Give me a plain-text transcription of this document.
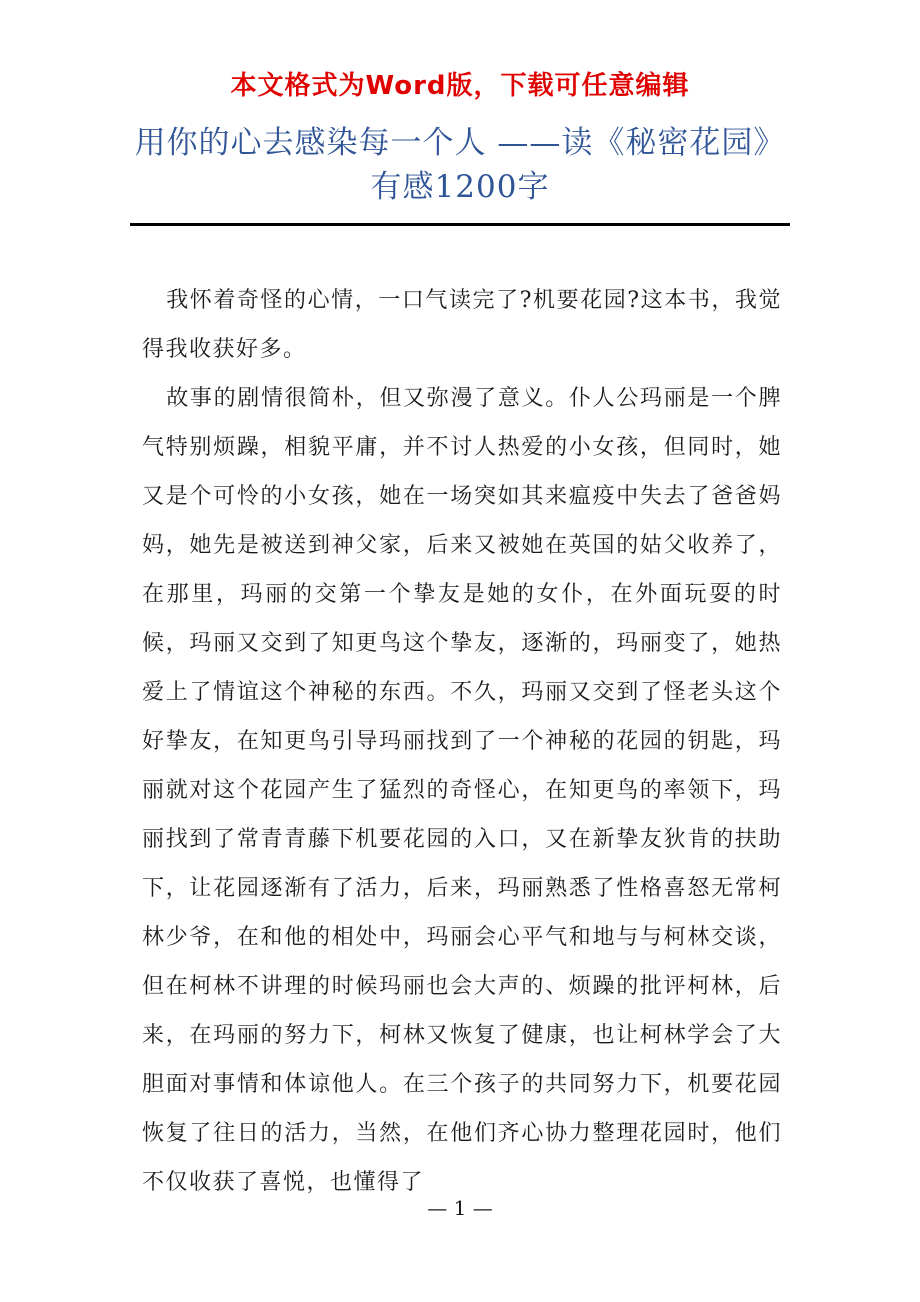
本文格式为Word版，下载可任意编辑
用你的心去感染每一个人 ——读《秘密花园》有感1200字

我怀着奇怪的心情，一口气读完了?机要花园?这本书，我觉得我收获好多。

故事的剧情很简朴，但又弥漫了意义。仆人公玛丽是一个脾气特别烦躁，相貌平庸，并不讨人热爱的小女孩，但同时，她又是个可怜的小女孩，她在一场突如其来瘟疫中失去了爸爸妈妈，她先是被送到神父家，后来又被她在英国的姑父收养了，在那里，玛丽的交第一个挚友是她的女仆，在外面玩耍的时候，玛丽又交到了知更鸟这个挚友，逐渐的，玛丽变了，她热爱上了情谊这个神秘的东西。不久，玛丽又交到了怪老头这个好挚友，在知更鸟引导玛丽找到了一个神秘的花园的钥匙，玛丽就对这个花园产生了猛烈的奇怪心，在知更鸟的率领下，玛丽找到了常青青藤下机要花园的入口，又在新挚友狄肯的扶助下，让花园逐渐有了活力，后来，玛丽熟悉了性格喜怒无常柯林少爷，在和他的相处中，玛丽会心平气和地与与柯林交谈，但在柯林不讲理的时候玛丽也会大声的、烦躁的批评柯林，后来，在玛丽的努力下，柯林又恢复了健康，也让柯林学会了大胆面对事情和体谅他人。在三个孩子的共同努力下，机要花园恢复了往日的活力，当然，在他们齐心协力整理花园时，他们不仅收获了喜悦，也懂得了

— 1 —
